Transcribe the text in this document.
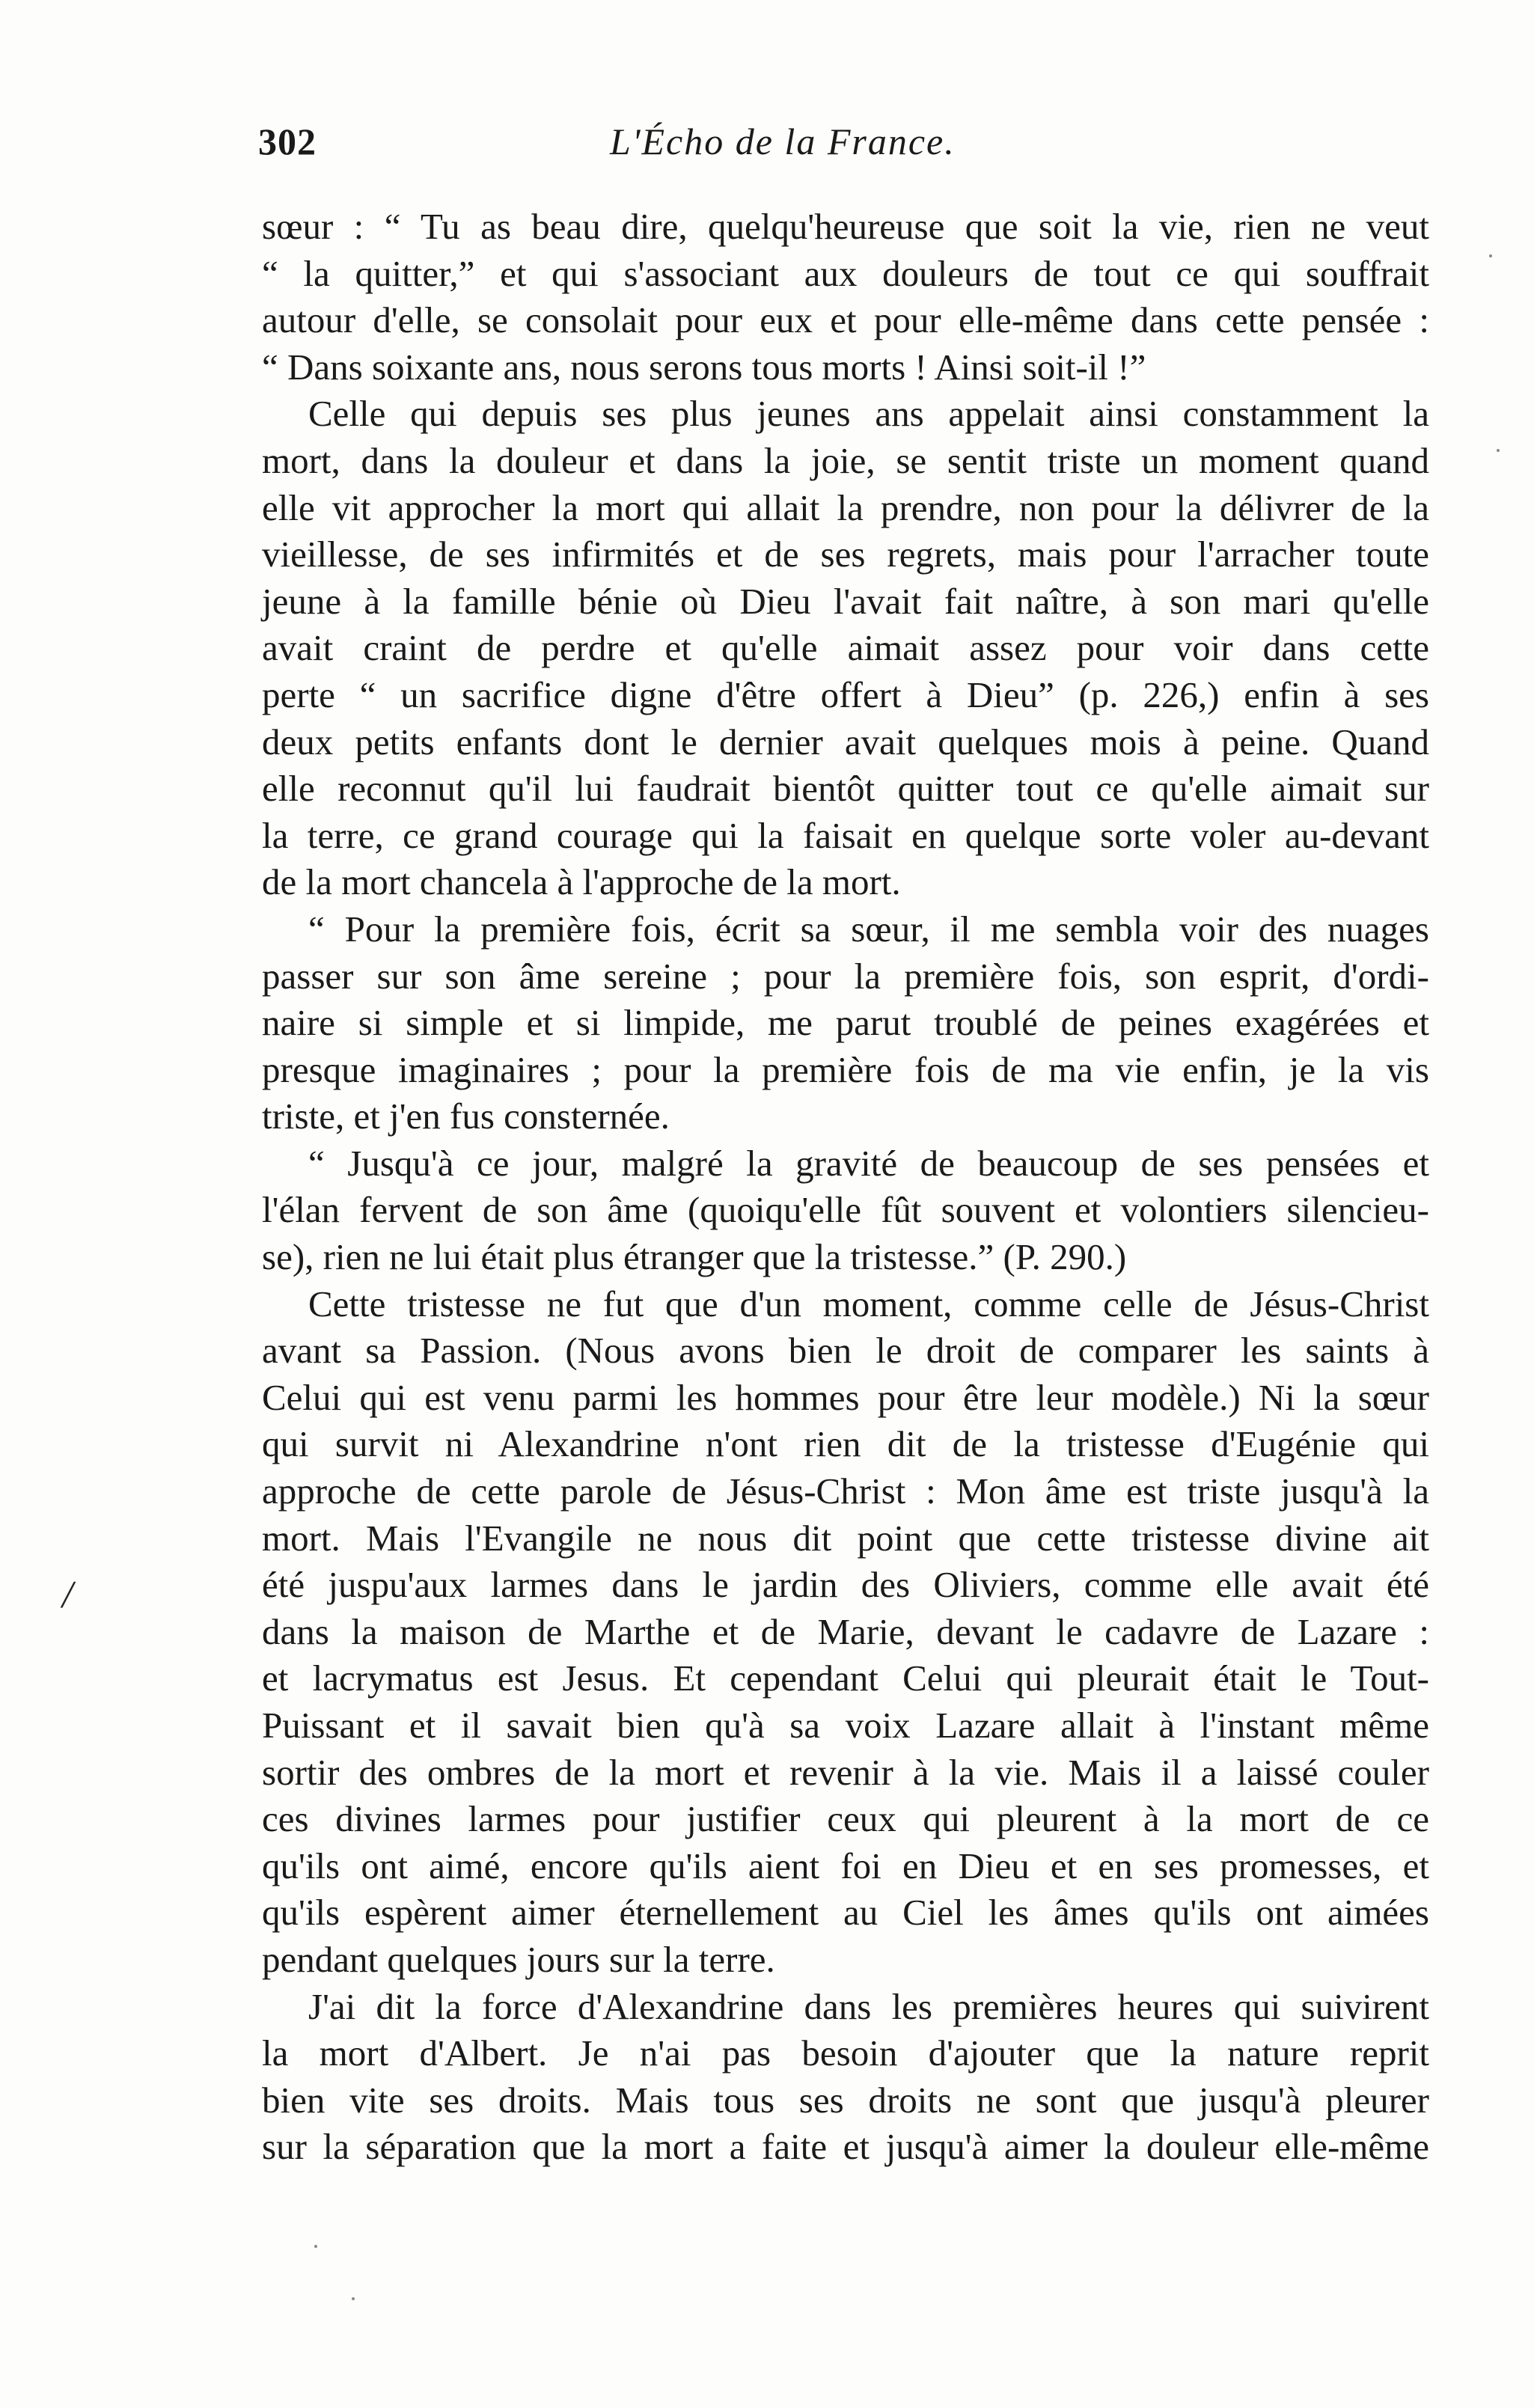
302	L'Écho de la France.
sœur : “ Tu as beau dire, quelqu'heureuse que soit la vie, rien ne veut
“ la quitter,” et qui s'associant aux douleurs de tout ce qui souffrait
autour d'elle, se consolait pour eux et pour elle-même dans cette pensée :
“ Dans soixante ans, nous serons tous morts ! Ainsi soit-il !”
Celle qui depuis ses plus jeunes ans appelait ainsi constamment la
mort, dans la douleur et dans la joie, se sentit triste un moment quand
elle vit approcher la mort qui allait la prendre, non pour la délivrer de la
vieillesse, de ses infirmités et de ses regrets, mais pour l'arracher toute
jeune à la famille bénie où Dieu l'avait fait naître, à son mari qu'elle
avait craint de perdre et qu'elle aimait assez pour voir dans cette
perte “ un sacrifice digne d'être offert à Dieu” (p. 226,) enfin à ses
deux petits enfants dont le dernier avait quelques mois à peine. Quand
elle reconnut qu'il lui faudrait bientôt quitter tout ce qu'elle aimait sur
la terre, ce grand courage qui la faisait en quelque sorte voler au-devant
de la mort chancela à l'approche de la mort.
“ Pour la première fois, écrit sa sœur, il me sembla voir des nuages
passer sur son âme sereine ; pour la première fois, son esprit, d'ordi-
naire si simple et si limpide, me parut troublé de peines exagérées et
presque imaginaires ; pour la première fois de ma vie enfin, je la vis
triste, et j'en fus consternée.
“ Jusqu'à ce jour, malgré la gravité de beaucoup de ses pensées et
l'élan fervent de son âme (quoiqu'elle fût souvent et volontiers silencieu-
se), rien ne lui était plus étranger que la tristesse.” (P. 290.)
Cette tristesse ne fut que d'un moment, comme celle de Jésus-Christ
avant sa Passion. (Nous avons bien le droit de comparer les saints à
Celui qui est venu parmi les hommes pour être leur modèle.) Ni la sœur
qui survit ni Alexandrine n'ont rien dit de la tristesse d'Eugénie qui
approche de cette parole de Jésus-Christ : Mon âme est triste jusqu'à la
mort. Mais l'Evangile ne nous dit point que cette tristesse divine ait
été juspu'aux larmes dans le jardin des Oliviers, comme elle avait été
dans la maison de Marthe et de Marie, devant le cadavre de Lazare :
et lacrymatus est Jesus. Et cependant Celui qui pleurait était le Tout-
Puissant et il savait bien qu'à sa voix Lazare allait à l'instant même
sortir des ombres de la mort et revenir à la vie. Mais il a laissé couler
ces divines larmes pour justifier ceux qui pleurent à la mort de ce
qu'ils ont aimé, encore qu'ils aient foi en Dieu et en ses promesses, et
qu'ils espèrent aimer éternellement au Ciel les âmes qu'ils ont aimées
pendant quelques jours sur la terre.
J'ai dit la force d'Alexandrine dans les premières heures qui suivirent
la mort d'Albert. Je n'ai pas besoin d'ajouter que la nature reprit
bien vite ses droits. Mais tous ses droits ne sont que jusqu'à pleurer
sur la séparation que la mort a faite et jusqu'à aimer la douleur elle-même
/
